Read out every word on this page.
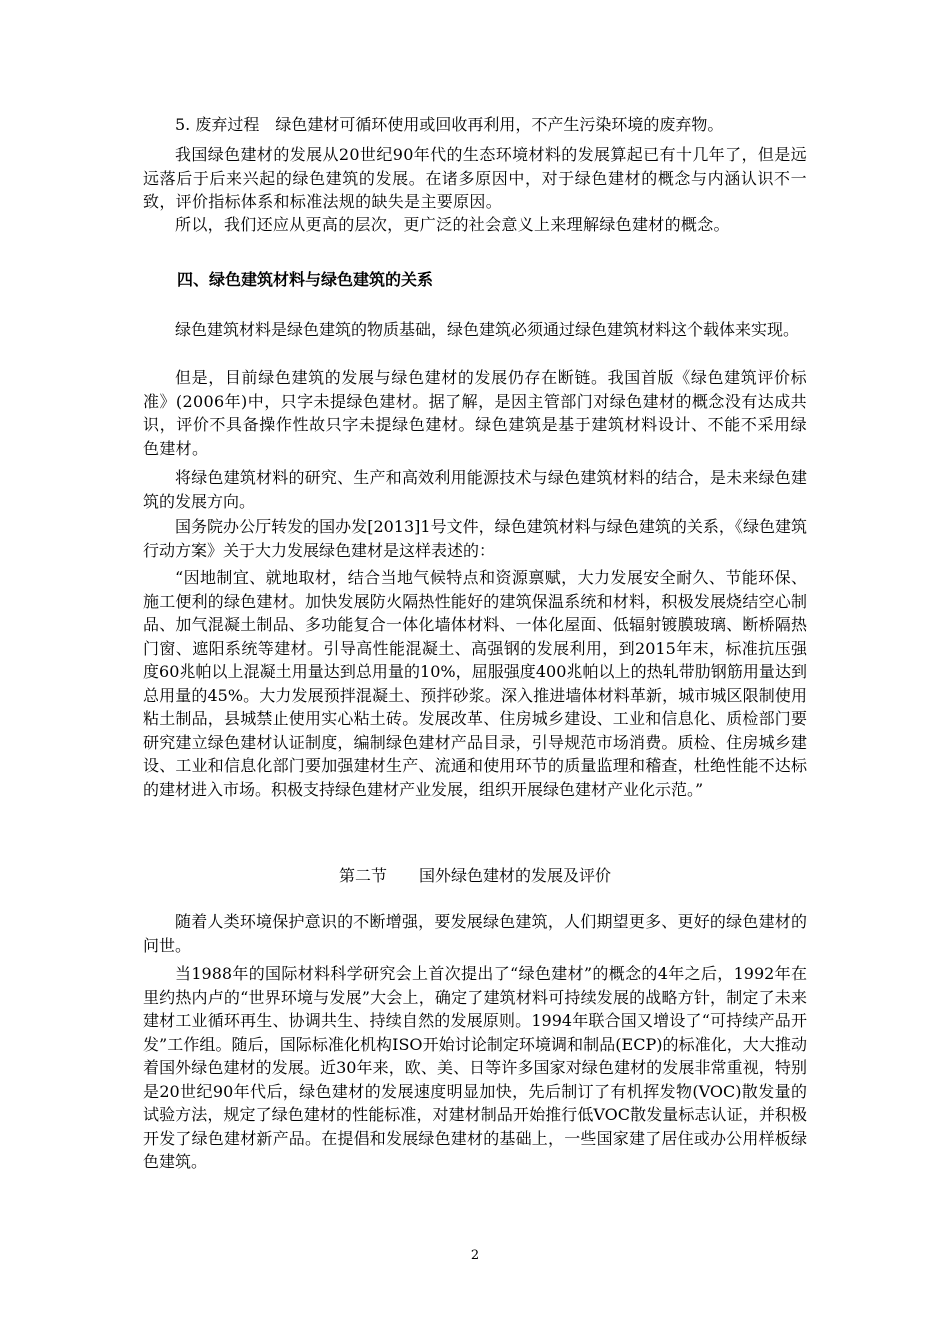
5. 废弃过程　绿色建材可循环使用或回收再利用，不产生污染环境的废弃物。

我国绿色建材的发展从20世纪90年代的生态环境材料的发展算起已有十几年了，但是远远落后于后来兴起的绿色建筑的发展。在诸多原因中，对于绿色建材的概念与内涵认识不一致，评价指标体系和标准法规的缺失是主要原因。

所以，我们还应从更高的层次，更广泛的社会意义上来理解绿色建材的概念。

四、绿色建筑材料与绿色建筑的关系

绿色建筑材料是绿色建筑的物质基础，绿色建筑必须通过绿色建筑材料这个载体来实现。

但是，目前绿色建筑的发展与绿色建材的发展仍存在断链。我国首版《绿色建筑评价标准》(2006年)中，只字未提绿色建材。据了解，是因主管部门对绿色建材的概念没有达成共识，评价不具备操作性故只字未提绿色建材。绿色建筑是基于建筑材料设计、不能不采用绿色建材。

将绿色建筑材料的研究、生产和高效利用能源技术与绿色建筑材料的结合，是未来绿色建筑的发展方向。

国务院办公厅转发的国办发[2013]1号文件，绿色建筑材料与绿色建筑的关系，《绿色建筑行动方案》关于大力发展绿色建材是这样表述的：

“因地制宜、就地取材，结合当地气候特点和资源禀赋，大力发展安全耐久、节能环保、施工便利的绿色建材。加快发展防火隔热性能好的建筑保温系统和材料，积极发展烧结空心制品、加气混凝土制品、多功能复合一体化墙体材料、一体化屋面、低辐射镀膜玻璃、断桥隔热门窗、遮阳系统等建材。引导高性能混凝土、高强钢的发展利用，到2015年末，标准抗压强度60兆帕以上混凝土用量达到总用量的10%，屈服强度400兆帕以上的热轧带肋钢筋用量达到总用量的45%。大力发展预拌混凝土、预拌砂浆。深入推进墙体材料革新，城市城区限制使用粘土制品，县城禁止使用实心粘土砖。发展改革、住房城乡建设、工业和信息化、质检部门要研究建立绿色建材认证制度，编制绿色建材产品目录，引导规范市场消费。质检、住房城乡建设、工业和信息化部门要加强建材生产、流通和使用环节的质量监理和稽查，杜绝性能不达标的建材进入市场。积极支持绿色建材产业发展，组织开展绿色建材产业化示范。”

第二节　　国外绿色建材的发展及评价

随着人类环境保护意识的不断增强，要发展绿色建筑，人们期望更多、更好的绿色建材的问世。

当1988年的国际材料科学研究会上首次提出了“绿色建材”的概念的4年之后，1992年在里约热内卢的“世界环境与发展”大会上，确定了建筑材料可持续发展的战略方针，制定了未来建材工业循环再生、协调共生、持续自然的发展原则。1994年联合国又增设了“可持续产品开发”工作组。随后，国际标准化机构ISO开始讨论制定环境调和制品(ECP)的标准化，大大推动着国外绿色建材的发展。近30年来，欧、美、日等许多国家对绿色建材的发展非常重视，特别是20世纪90年代后，绿色建材的发展速度明显加快，先后制订了有机挥发物(VOC)散发量的试验方法，规定了绿色建材的性能标准，对建材制品开始推行低VOC散发量标志认证，并积极开发了绿色建材新产品。在提倡和发展绿色建材的基础上，一些国家建了居住或办公用样板绿色建筑。

2
